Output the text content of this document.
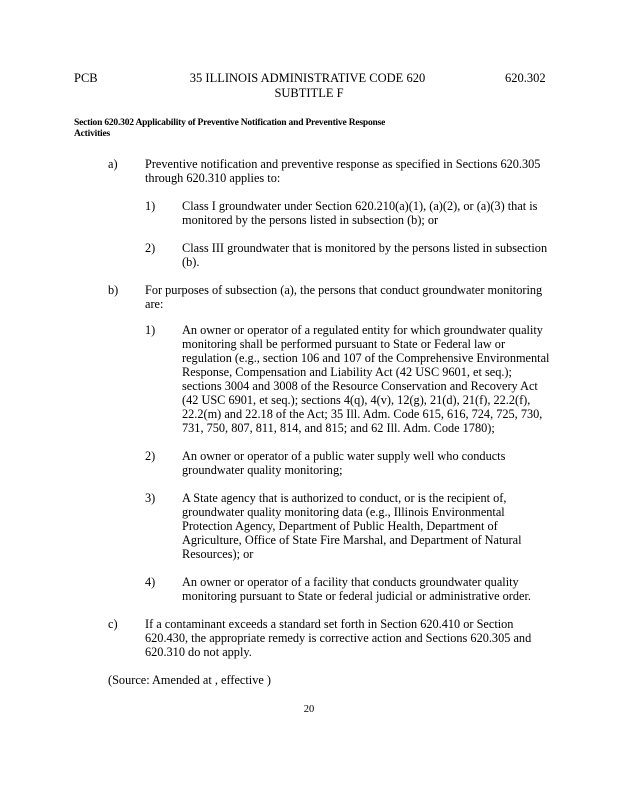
PCB	35 ILLINOIS ADMINISTRATIVE CODE 620
SUBTITLE F
620.302
Section 620.302 Applicability of Preventive Notification and Preventive Response
Activities
a) Preventive notification and preventive response as specified in Sections 620.305
through 620.310 applies to:
1) Class I groundwater under Section 620.210(a)(1), (a)(2), or (a)(3) that is
monitored by the persons listed in subsection (b); or
2) Class III groundwater that is monitored by the persons listed in subsection
(b).
b) For purposes of subsection (a), the persons that conduct groundwater monitoring
are:
1) An owner or operator of a regulated entity for which groundwater quality
monitoring shall be performed pursuant to State or Federal law or
regulation (e.g., section 106 and 107 of the Comprehensive Environmental
Response, Compensation and Liability Act (42 USC 9601, et seq.);
sections 3004 and 3008 of the Resource Conservation and Recovery Act
(42 USC 6901, et seq.); sections 4(q), 4(v), 12(g), 21(d), 21(f), 22.2(f),
22.2(m) and 22.18 of the Act; 35 Ill. Adm. Code 615, 616, 724, 725, 730,
731, 750, 807, 811, 814, and 815; and 62 Ill. Adm. Code 1780);
2) An owner or operator of a public water supply well who conducts
groundwater quality monitoring;
3) A State agency that is authorized to conduct, or is the recipient of,
groundwater quality monitoring data (e.g., Illinois Environmental
Protection Agency, Department of Public Health, Department of
Agriculture, Office of State Fire Marshal, and Department of Natural
Resources); or
4) An owner or operator of a facility that conducts groundwater quality
monitoring pursuant to State or federal judicial or administrative order.
c) If a contaminant exceeds a standard set forth in Section 620.410 or Section
620.430, the appropriate remedy is corrective action and Sections 620.305 and
620.310 do not apply.
(Source: Amended at , effective )
20
